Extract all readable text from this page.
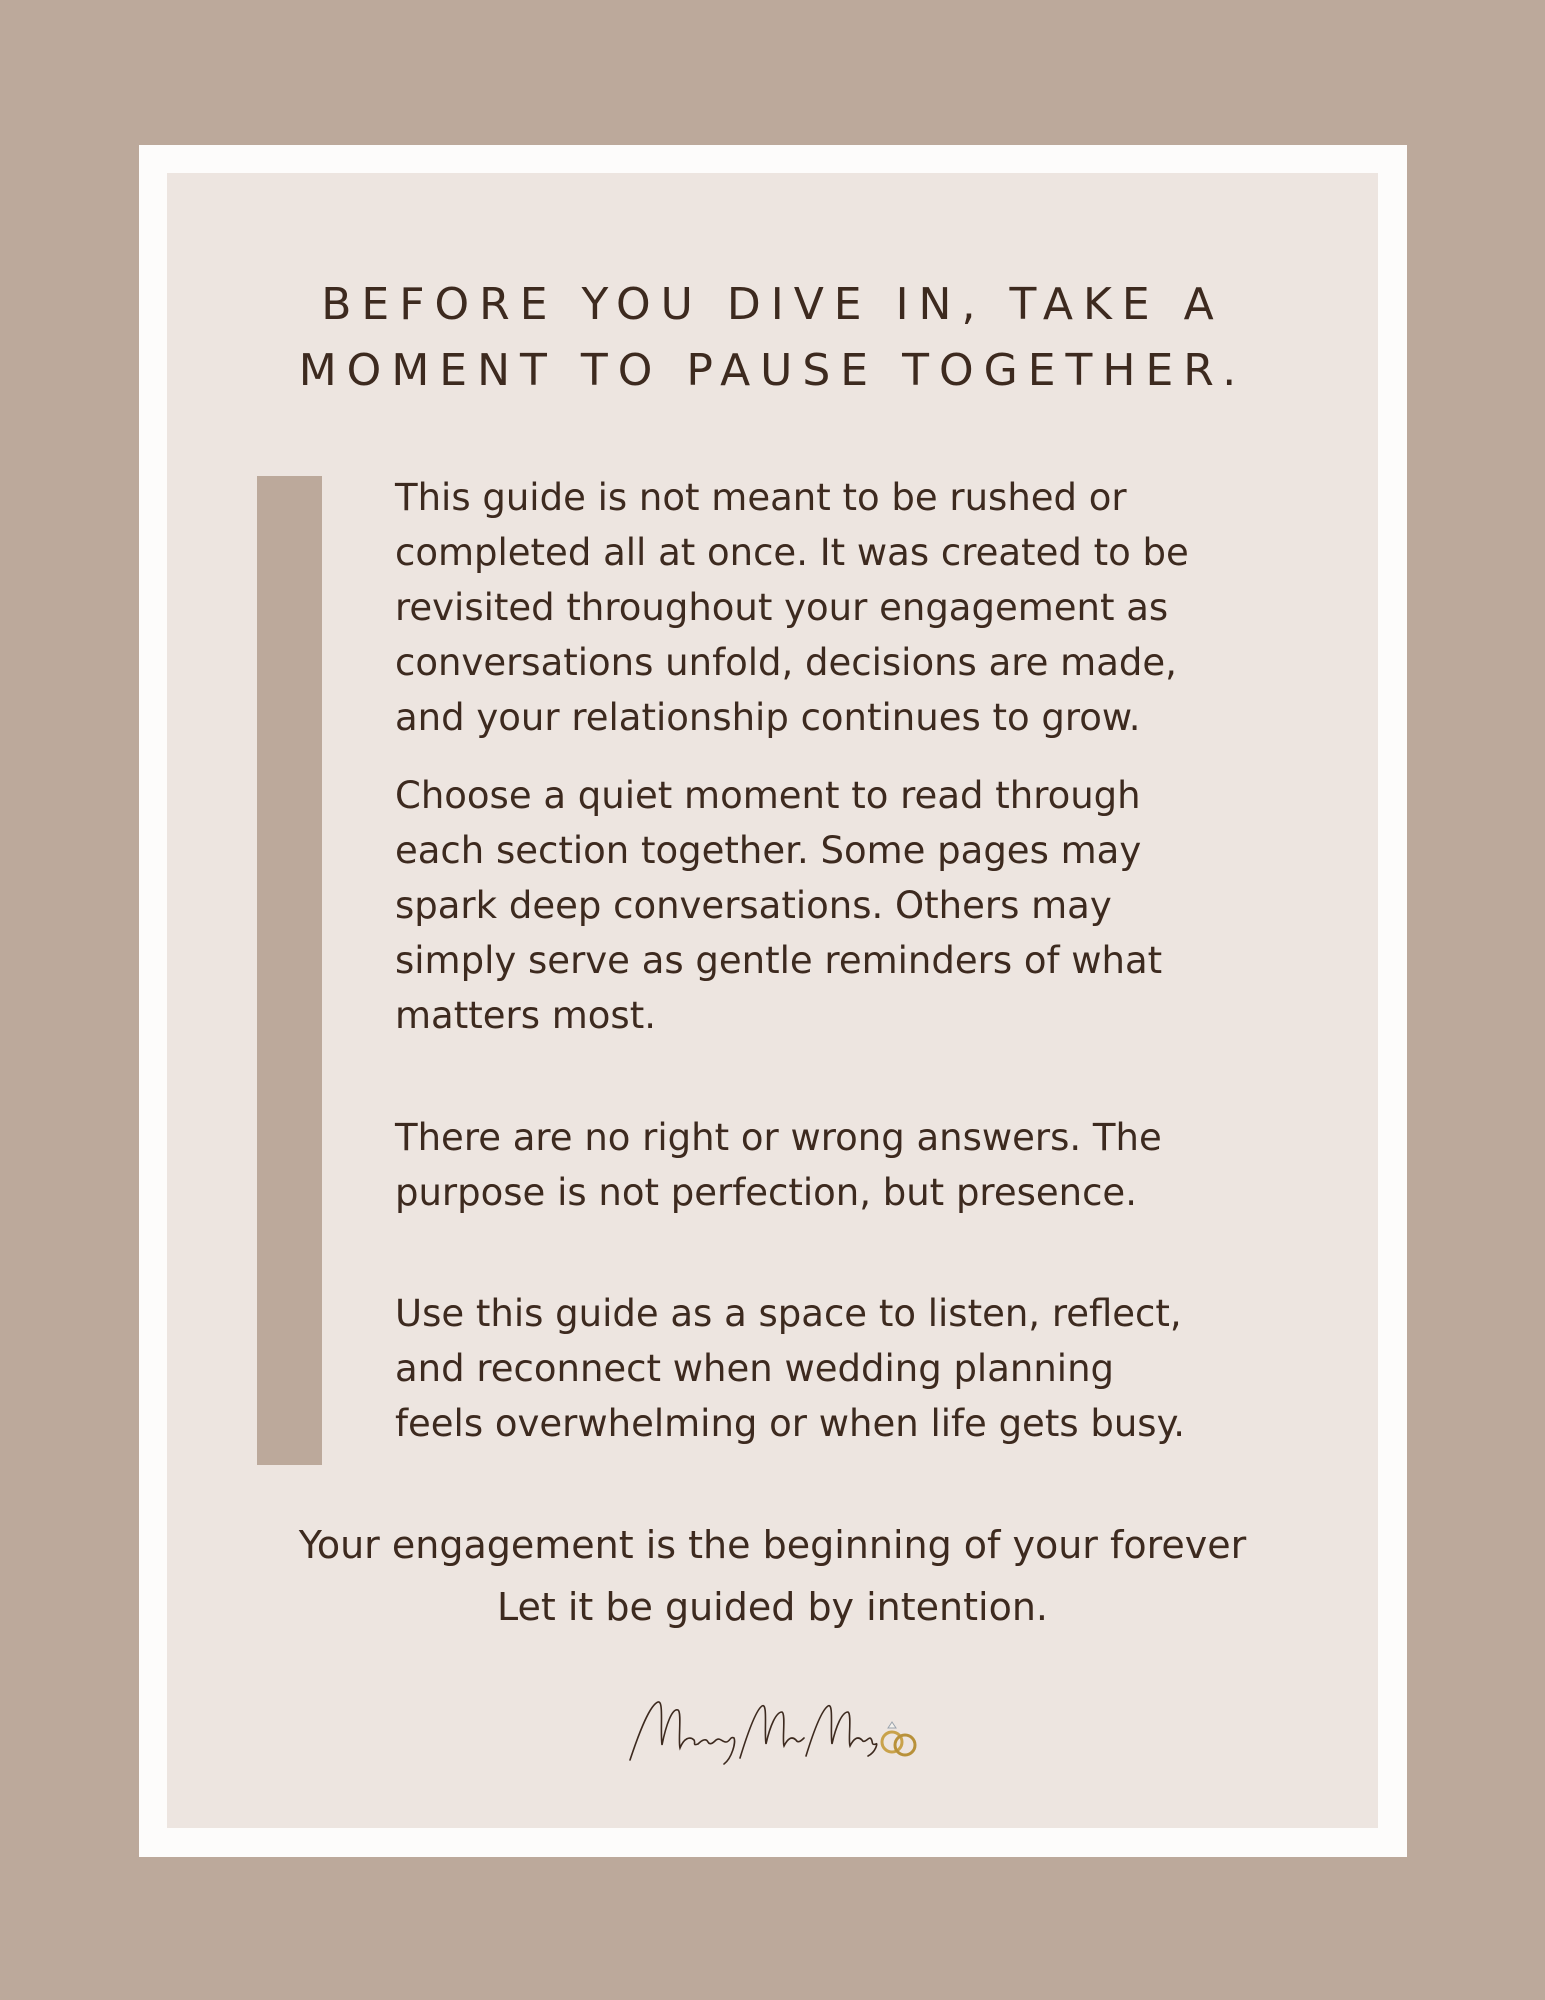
BEFORE YOU DIVE IN, TAKE A
MOMENT TO PAUSE TOGETHER.

This guide is not meant to be rushed or
completed all at once. It was created to be
revisited throughout your engagement as
conversations unfold, decisions are made,
and your relationship continues to grow.

Choose a quiet moment to read through
each section together. Some pages may
spark deep conversations. Others may
simply serve as gentle reminders of what
matters most.

There are no right or wrong answers. The
purpose is not perfection, but presence.

Use this guide as a space to listen, reflect,
and reconnect when wedding planning
feels overwhelming or when life gets busy.

Your engagement is the beginning of your forever
Let it be guided by intention.
